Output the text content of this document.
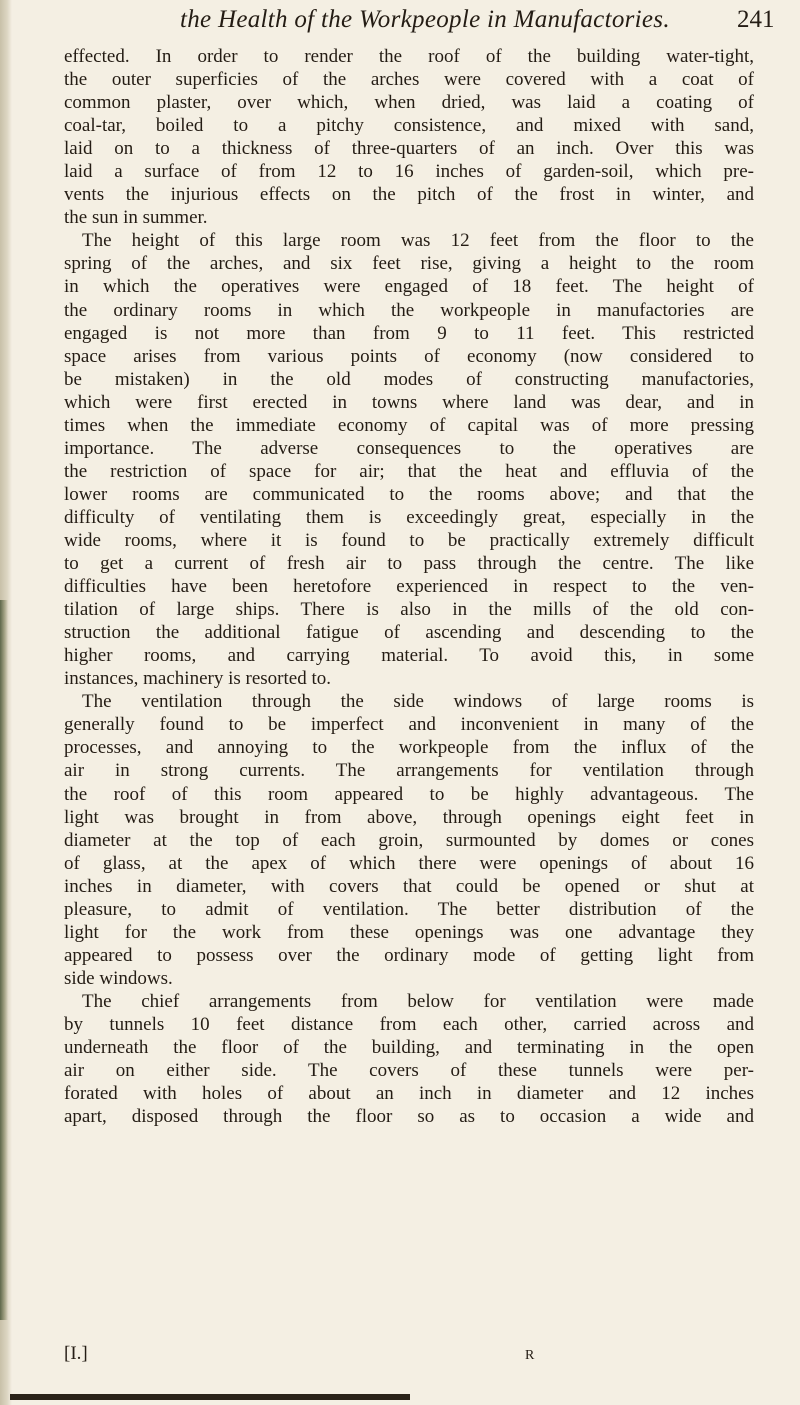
the Health of the Workpeople in Manufactories.	241
effected. In order to render the roof of the building water-tight,
the outer superficies of the arches were covered with a coat of
common plaster, over which, when dried, was laid a coating of
coal-tar, boiled to a pitchy consistence, and mixed with sand,
laid on to a thickness of three-quarters of an inch. Over this was
laid a surface of from 12 to 16 inches of garden-soil, which pre-
vents the injurious effects on the pitch of the frost in winter, and
the sun in summer.
The height of this large room was 12 feet from the floor to the
spring of the arches, and six feet rise, giving a height to the room
in which the operatives were engaged of 18 feet. The height of
the ordinary rooms in which the workpeople in manufactories are
engaged is not more than from 9 to 11 feet. This restricted
space arises from various points of economy (now considered to
be mistaken) in the old modes of constructing manufactories,
which were first erected in towns where land was dear, and in
times when the immediate economy of capital was of more pressing
importance. The adverse consequences to the operatives are
the restriction of space for air; that the heat and effluvia of the
lower rooms are communicated to the rooms above; and that the
difficulty of ventilating them is exceedingly great, especially in the
wide rooms, where it is found to be practically extremely difficult
to get a current of fresh air to pass through the centre. The like
difficulties have been heretofore experienced in respect to the ven-
tilation of large ships. There is also in the mills of the old con-
struction the additional fatigue of ascending and descending to the
higher rooms, and carrying material. To avoid this, in some
instances, machinery is resorted to.
The ventilation through the side windows of large rooms is
generally found to be imperfect and inconvenient in many of the
processes, and annoying to the workpeople from the influx of the
air in strong currents. The arrangements for ventilation through
the roof of this room appeared to be highly advantageous. The
light was brought in from above, through openings eight feet in
diameter at the top of each groin, surmounted by domes or cones
of glass, at the apex of which there were openings of about 16
inches in diameter, with covers that could be opened or shut at
pleasure, to admit of ventilation. The better distribution of the
light for the work from these openings was one advantage they
appeared to possess over the ordinary mode of getting light from
side windows.
The chief arrangements from below for ventilation were made
by tunnels 10 feet distance from each other, carried across and
underneath the floor of the building, and terminating in the open
air on either side. The covers of these tunnels were per-
forated with holes of about an inch in diameter and 12 inches
apart, disposed through the floor so as to occasion a wide and
[I.]	R
